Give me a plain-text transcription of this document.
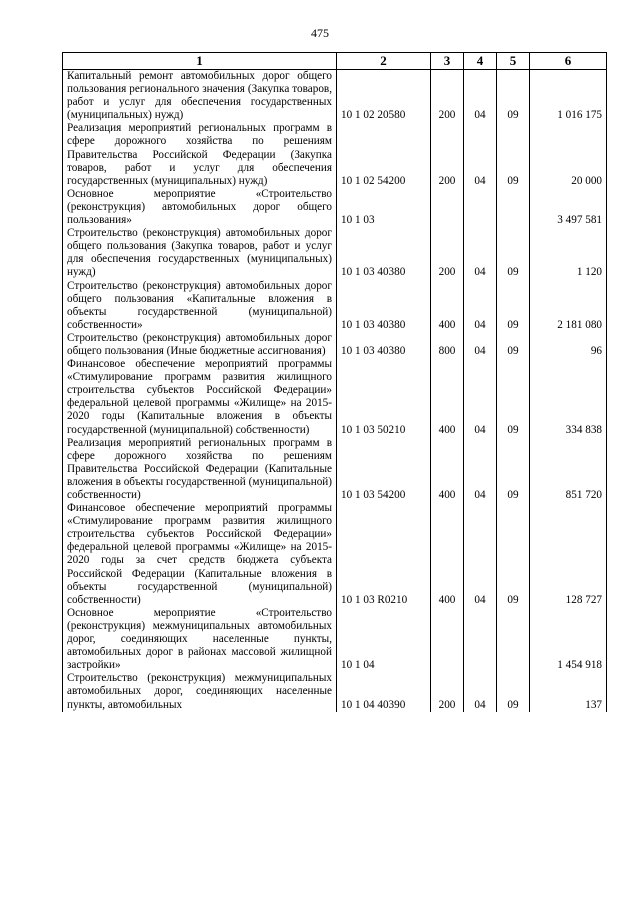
475
1	2	3	4	5	6
Капитальный ремонт автомобильных дорог общего пользования регионального значения (Закупка товаров, работ и услуг для обеспечения государственных (муниципальных) нужд)	10 1 02 20580	200	04	09	1 016 175
Реализация мероприятий региональных программ в сфере дорожного хозяйства по решениям Правительства Российской Федерации (Закупка товаров, работ и услуг для обеспечения государственных (муниципальных) нужд)	10 1 02 54200	200	04	09	20 000
Основное мероприятие «Строительство (реконструкция) автомобильных дорог общего пользования»	10 1 03				3 497 581
Строительство (реконструкция) автомобильных дорог общего пользования (Закупка товаров, работ и услуг для обеспечения государственных (муниципальных) нужд)	10 1 03 40380	200	04	09	1 120
Строительство (реконструкция) автомобильных дорог общего пользования «Капитальные вложения в объекты государственной (муниципальной) собственности»	10 1 03 40380	400	04	09	2 181 080
Строительство (реконструкция) автомобильных дорог общего пользования (Иные бюджетные ассигнования)	10 1 03 40380	800	04	09	96
Финансовое обеспечение мероприятий программы «Стимулирование программ развития жилищного строительства субъектов Российской Федерации» федеральной целевой программы «Жилище» на 2015-2020 годы (Капитальные вложения в объекты государственной (муниципальной) собственности)	10 1 03 50210	400	04	09	334 838
Реализация мероприятий региональных программ в сфере дорожного хозяйства по решениям Правительства Российской Федерации (Капитальные вложения в объекты государственной (муниципальной) собственности)	10 1 03 54200	400	04	09	851 720
Финансовое обеспечение мероприятий программы «Стимулирование программ развития жилищного строительства субъектов Российской Федерации» федеральной целевой программы «Жилище» на 2015-2020 годы за счет средств бюджета субъекта Российской Федерации (Капитальные вложения в объекты государственной (муниципальной) собственности)	10 1 03 R0210	400	04	09	128 727
Основное мероприятие «Строительство (реконструкция) межмуниципальных автомобильных дорог, соединяющих населенные пункты, автомобильных дорог в районах массовой жилищной застройки»	10 1 04				1 454 918
Строительство (реконструкция) межмуниципальных автомобильных дорог, соединяющих населенные пункты, автомобильных	10 1 04 40390	200	04	09	137
